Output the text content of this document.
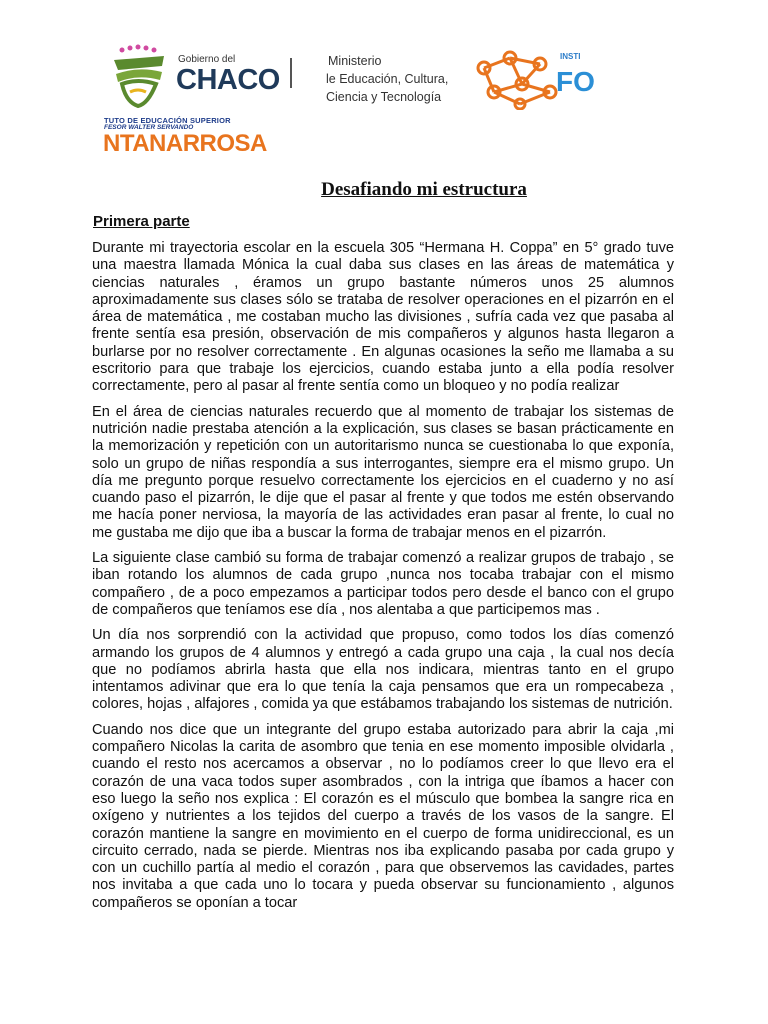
Gobierno del
CHACO
Ministerio
le Educación, Cultura,
Ciencia y Tecnología
INSTI
FO
TUTO DE EDUCACIÓN SUPERIOR
FESOR WALTER SERVANDO
NTANARROSA
Desafiando mi estructura
Primera parte

Durante mi trayectoria escolar en la escuela 305 “Hermana H. Coppa” en 5° grado tuve una maestra llamada Mónica la cual daba sus clases en las áreas de matemática y ciencias naturales , éramos un grupo bastante números unos 25 alumnos aproximadamente sus clases sólo se trataba de resolver operaciones en el pizarrón en el área de matemática , me costaban mucho las divisiones , sufría cada vez que pasaba al frente sentía esa presión, observación de mis compañeros y algunos hasta llegaron a burlarse por no resolver correctamente . En algunas ocasiones la seño me llamaba a su escritorio para que trabaje los ejercicios, cuando estaba junto a ella podía resolver correctamente, pero al pasar al frente sentía como un bloqueo y no podía realizar

En el área de ciencias naturales recuerdo que al momento de trabajar los sistemas de nutrición nadie prestaba atención a la explicación, sus clases se basan prácticamente en la memorización y repetición con un autoritarismo nunca se cuestionaba lo que exponía, solo un grupo de niñas respondía a sus interrogantes, siempre era el mismo grupo. Un día me pregunto porque resuelvo correctamente los ejercicios en el cuaderno y no así cuando paso el pizarrón, le dije que el pasar al frente y que todos me estén observando me hacía poner nerviosa, la mayoría de las actividades eran pasar al frente, lo cual no me gustaba me dijo que iba a buscar la forma de trabajar menos en el pizarrón.

La siguiente clase cambió su forma de trabajar comenzó a realizar grupos de trabajo , se iban rotando los alumnos de cada grupo ,nunca nos tocaba trabajar con el mismo compañero , de a poco empezamos a participar todos pero desde el banco con el grupo de compañeros que teníamos ese día , nos alentaba a que participemos mas .

Un día nos sorprendió con la actividad que propuso, como todos los días comenzó armando los grupos de 4 alumnos y entregó a cada grupo una caja , la cual nos decía que no podíamos abrirla hasta que ella nos indicara, mientras tanto en el grupo intentamos adivinar que era lo que tenía la caja pensamos que era un rompecabeza , colores, hojas , alfajores , comida ya que estábamos trabajando los sistemas de nutrición.

Cuando nos dice que un integrante del grupo estaba autorizado para abrir la caja ,mi compañero Nicolas la carita de asombro que tenia en ese momento imposible olvidarla , cuando el resto nos acercamos a observar , no lo podíamos creer lo que llevo era el corazón de una vaca todos super asombrados , con la intriga que íbamos a hacer con eso luego la seño nos explica : El corazón es el músculo que bombea la sangre rica en oxígeno y nutrientes a los tejidos del cuerpo a través de los vasos de la sangre. El corazón mantiene la sangre en movimiento en el cuerpo de forma unidireccional, es un circuito cerrado, nada se pierde. Mientras nos iba explicando pasaba por cada grupo y con un cuchillo partía al medio el corazón , para que observemos las cavidades, partes nos invitaba a que cada uno lo tocara y pueda observar su funcionamiento , algunos compañeros se oponían a tocar
